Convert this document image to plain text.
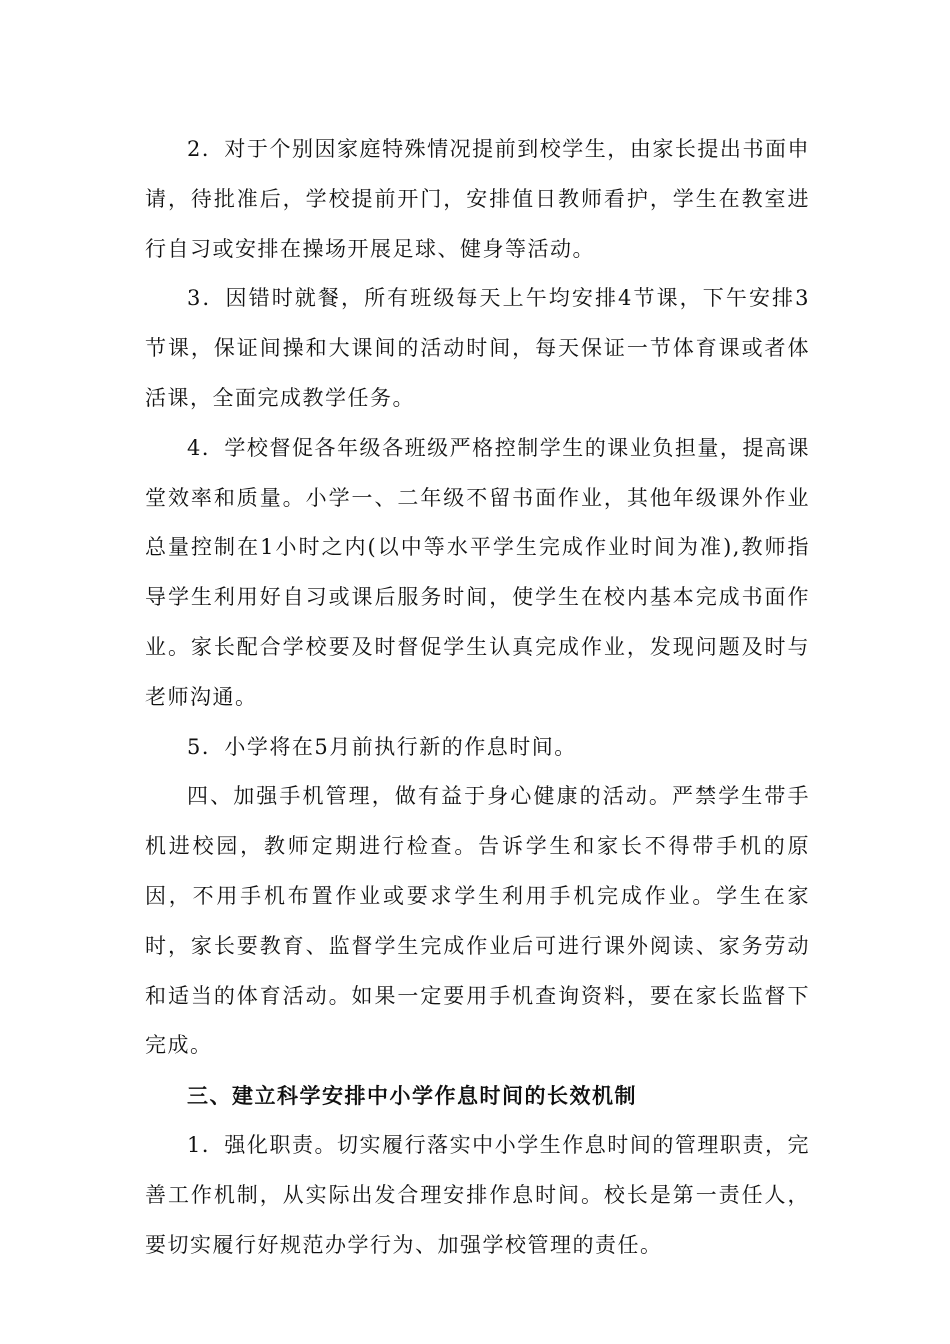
2．对于个别因家庭特殊情况提前到校学生，由家长提出书面申请，待批准后，学校提前开门，安排值日教师看护，学生在教室进行自习或安排在操场开展足球、健身等活动。

3．因错时就餐，所有班级每天上午均安排4节课，下午安排3节课，保证间操和大课间的活动时间，每天保证一节体育课或者体活课，全面完成教学任务。

4．学校督促各年级各班级严格控制学生的课业负担量，提高课堂效率和质量。小学一、二年级不留书面作业，其他年级课外作业总量控制在1小时之内(以中等水平学生完成作业时间为准),教师指导学生利用好自习或课后服务时间，使学生在校内基本完成书面作业。家长配合学校要及时督促学生认真完成作业，发现问题及时与老师沟通。

5．小学将在5月前执行新的作息时间。

四、加强手机管理，做有益于身心健康的活动。严禁学生带手机进校园，教师定期进行检查。告诉学生和家长不得带手机的原因，不用手机布置作业或要求学生利用手机完成作业。学生在家时，家长要教育、监督学生完成作业后可进行课外阅读、家务劳动和适当的体育活动。如果一定要用手机查询资料，要在家长监督下完成。

三、建立科学安排中小学作息时间的长效机制

1．强化职责。切实履行落实中小学生作息时间的管理职责，完善工作机制，从实际出发合理安排作息时间。校长是第一责任人，要切实履行好规范办学行为、加强学校管理的责任。
